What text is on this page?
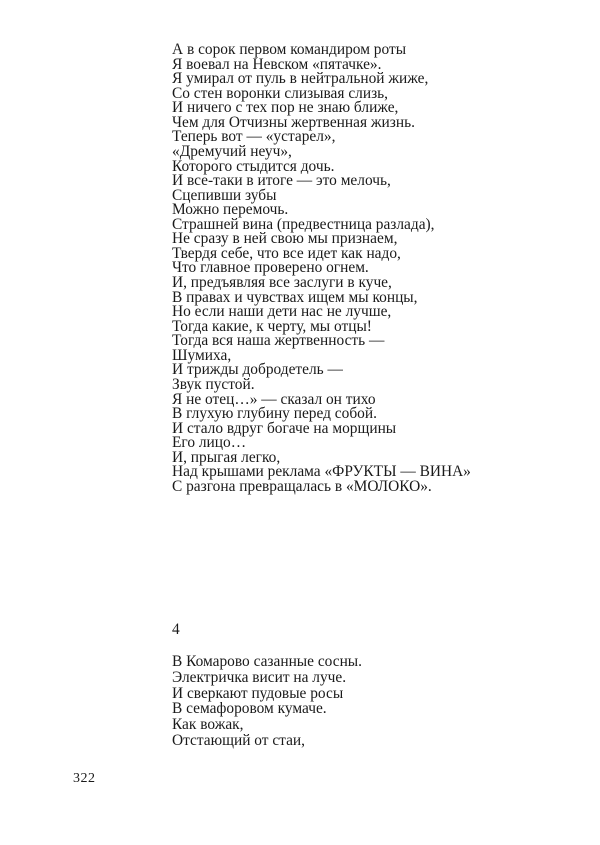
А в сорок первом командиром роты
Я воевал на Невском «пятачке».
Я умирал от пуль в нейтральной жиже,
Со стен воронки слизывая слизь,
И ничего с тех пор не знаю ближе,
Чем для Отчизны жертвенная жизнь.
Теперь вот — «устарел»,
«Дремучий неуч»,
Которого стыдится дочь.
И все-таки в итоге — это мелочь,
Сцепивши зубы
Можно перемочь.
Страшней вина (предвестница разлада),
Не сразу в ней свою мы признаем,
Твердя себе, что все идет как надо,
Что главное проверено огнем.
И, предъявляя все заслуги в куче,
В правах и чувствах ищем мы концы,
Но если наши дети нас не лучше,
Тогда какие, к черту, мы отцы!
Тогда вся наша жертвенность —
Шумиха,
И трижды добродетель —
Звук пустой.
Я не отец…» — сказал он тихо
В глухую глубину перед собой.
И стало вдруг богаче на морщины
Его лицо…
И, прыгая легко,
Над крышами реклама «ФРУКТЫ — ВИНА»
С разгона превращалась в «МОЛОКО».
4
В Комарово сазанные сосны.
Электричка висит на луче.
И сверкают пудовые росы
В семафоровом кумаче.
Как вожак,
Отстающий от стаи,
322
